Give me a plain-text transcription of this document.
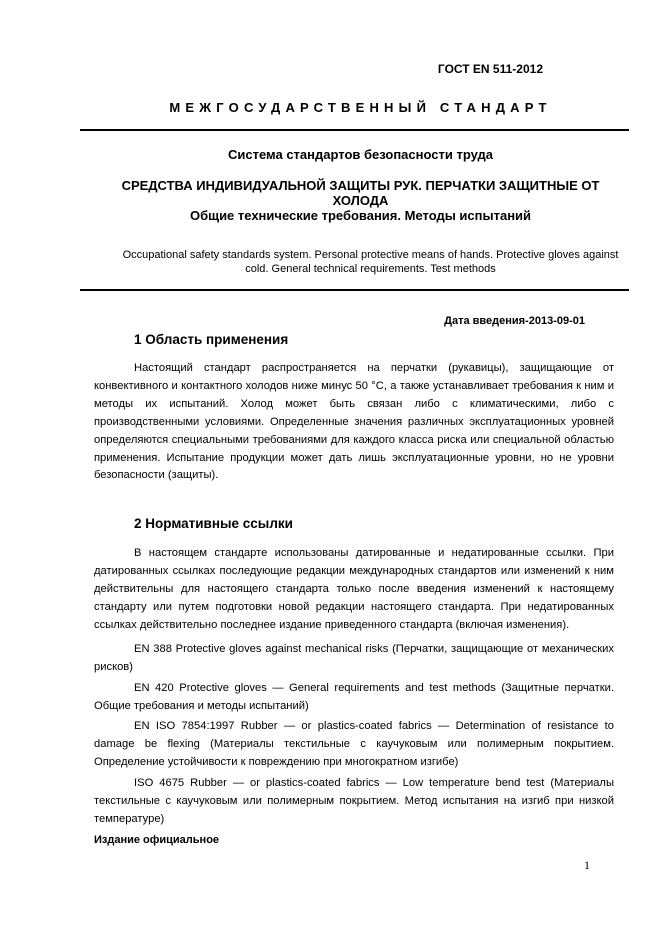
ГОСТ EN 511-2012
МЕЖГОСУДАРСТВЕННЫЙ СТАНДАРТ
Система стандартов безопасности труда
СРЕДСТВА ИНДИВИДУАЛЬНОЙ ЗАЩИТЫ РУК. ПЕРЧАТКИ ЗАЩИТНЫЕ ОТ ХОЛОДА
Общие технические требования. Методы испытаний
Occupational safety standards system. Personal protective means of hands. Protective gloves against cold. General technical requirements. Test methods
Дата введения-2013-09-01
1 Область применения
Настоящий стандарт распространяется на перчатки (рукавицы), защищающие от конвективного и контактного холодов ниже минус 50 °С, а также устанавливает требования к ним и методы их испытаний. Холод может быть связан либо с климатическими, либо с производственными условиями. Определенные значения различных эксплуатационных уровней определяются специальными требованиями для каждого класса риска или специальной областью применения. Испытание продукции может дать лишь эксплуатационные уровни, но не уровни безопасности (защиты).
2 Нормативные ссылки
В настоящем стандарте использованы датированные и недатированные ссылки. При датированных ссылках последующие редакции международных стандартов или изменений к ним действительны для настоящего стандарта только после введения изменений к настоящему стандарту или путем подготовки новой редакции настоящего стандарта. При недатированных ссылках действительно последнее издание приведенного стандарта (включая изменения).
EN 388 Protective gloves against mechanical risks (Перчатки, защищающие от механических рисков)
EN 420 Protective gloves — General requirements and test methods (Защитные перчатки. Общие требования и методы испытаний)
EN ISO 7854:1997 Rubber — or plastics-coated fabrics — Determination of resistance to damage be flexing (Материалы текстильные с каучуковым или полимерным покрытием. Определение устойчивости к повреждению при многократном изгибе)
ISO 4675 Rubber — or plastics-coated fabrics — Low temperature bend test (Материалы текстильные с каучуковым или полимерным покрытием. Метод испытания на изгиб при низкой температуре)
Издание официальное
1
